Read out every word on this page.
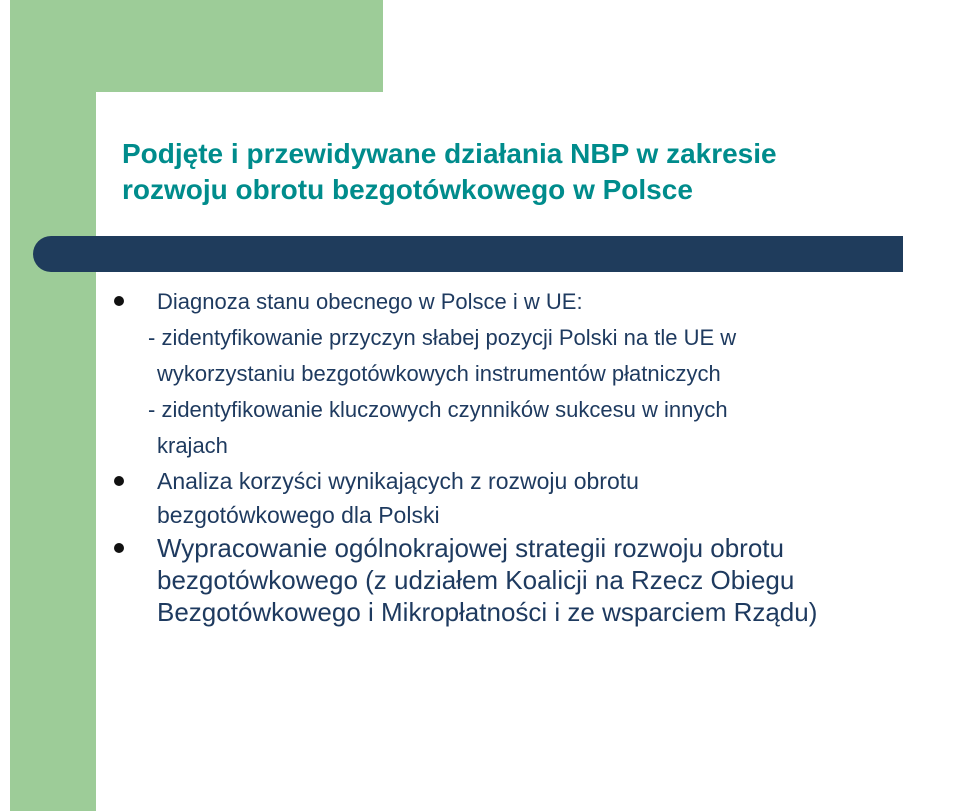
Podjęte i przewidywane działania NBP w zakresie
rozwoju obrotu bezgotówkowego w Polsce
Diagnoza stanu obecnego w Polsce i w UE:
- zidentyfikowanie przyczyn słabej pozycji Polski na tle UE w
wykorzystaniu bezgotówkowych instrumentów płatniczych
- zidentyfikowanie kluczowych czynników sukcesu w innych
krajach
Analiza korzyści wynikających z rozwoju obrotu
bezgotówkowego dla Polski
Wypracowanie ogólnokrajowej strategii rozwoju obrotu
bezgotówkowego (z udziałem Koalicji na Rzecz Obiegu
Bezgotówkowego i Mikropłatności i ze wsparciem Rządu)
